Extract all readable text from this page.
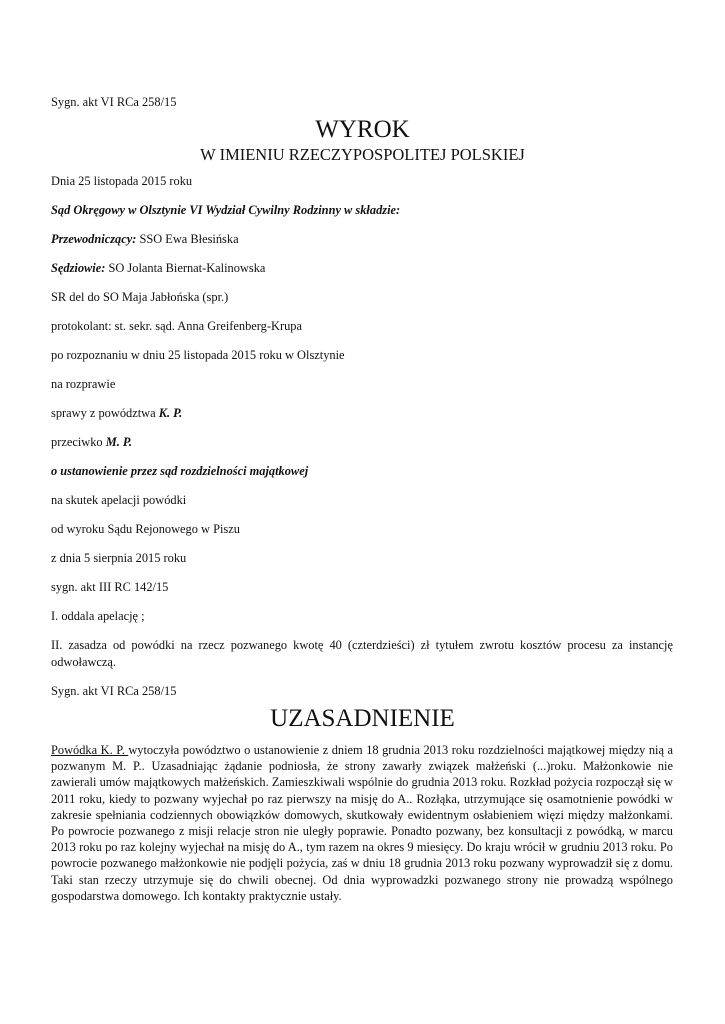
Sygn. akt VI RCa 258/15
WYROK
W IMIENIU RZECZYPOSPOLITEJ POLSKIEJ
Dnia 25 listopada 2015 roku
Sąd Okręgowy w Olsztynie VI Wydział Cywilny Rodzinny w składzie:
Przewodniczący: SSO Ewa Błesińska
Sędziowie: SO Jolanta Biernat-Kalinowska
SR del do SO Maja Jabłońska (spr.)
protokolant: st. sekr. sąd. Anna Greifenberg-Krupa
po rozpoznaniu w dniu 25 listopada 2015 roku w Olsztynie
na rozprawie
sprawy z powództwa K. P.
przeciwko M. P.
o ustanowienie przez sąd rozdzielności majątkowej
na skutek apelacji powódki
od wyroku Sądu Rejonowego w Piszu
z dnia 5 sierpnia 2015 roku
sygn. akt III RC 142/15
I. oddala apelację ;
II. zasadza od powódki na rzecz pozwanego kwotę 40 (czterdzieści) zł tytułem zwrotu kosztów procesu za instancję odwoławczą.
Sygn. akt VI RCa 258/15
UZASADNIENIE
Powódka K. P. wytoczyła powództwo o ustanowienie z dniem 18 grudnia 2013 roku rozdzielności majątkowej między nią a pozwanym M. P.. Uzasadniając żądanie podniosła, że strony zawarły związek małżeński (...)roku. Małżonkowie nie zawierali umów majątkowych małżeńskich. Zamieszkiwali wspólnie do grudnia 2013 roku. Rozkład pożycia rozpoczął się w 2011 roku, kiedy to pozwany wyjechał po raz pierwszy na misję do A.. Rozłąka, utrzymujące się osamotnienie powódki w zakresie spełniania codziennych obowiązków domowych, skutkowały ewidentnym osłabieniem więzi między małżonkami. Po powrocie pozwanego z misji relacje stron nie uległy poprawie. Ponadto pozwany, bez konsultacji z powódką, w marcu 2013 roku po raz kolejny wyjechał na misję do A., tym razem na okres 9 miesięcy. Do kraju wrócił w grudniu 2013 roku. Po powrocie pozwanego małżonkowie nie podjęli pożycia, zaś w dniu 18 grudnia 2013 roku pozwany wyprowadził się z domu. Taki stan rzeczy utrzymuje się do chwili obecnej. Od dnia wyprowadzki pozwanego strony nie prowadzą wspólnego gospodarstwa domowego. Ich kontakty praktycznie ustały.
